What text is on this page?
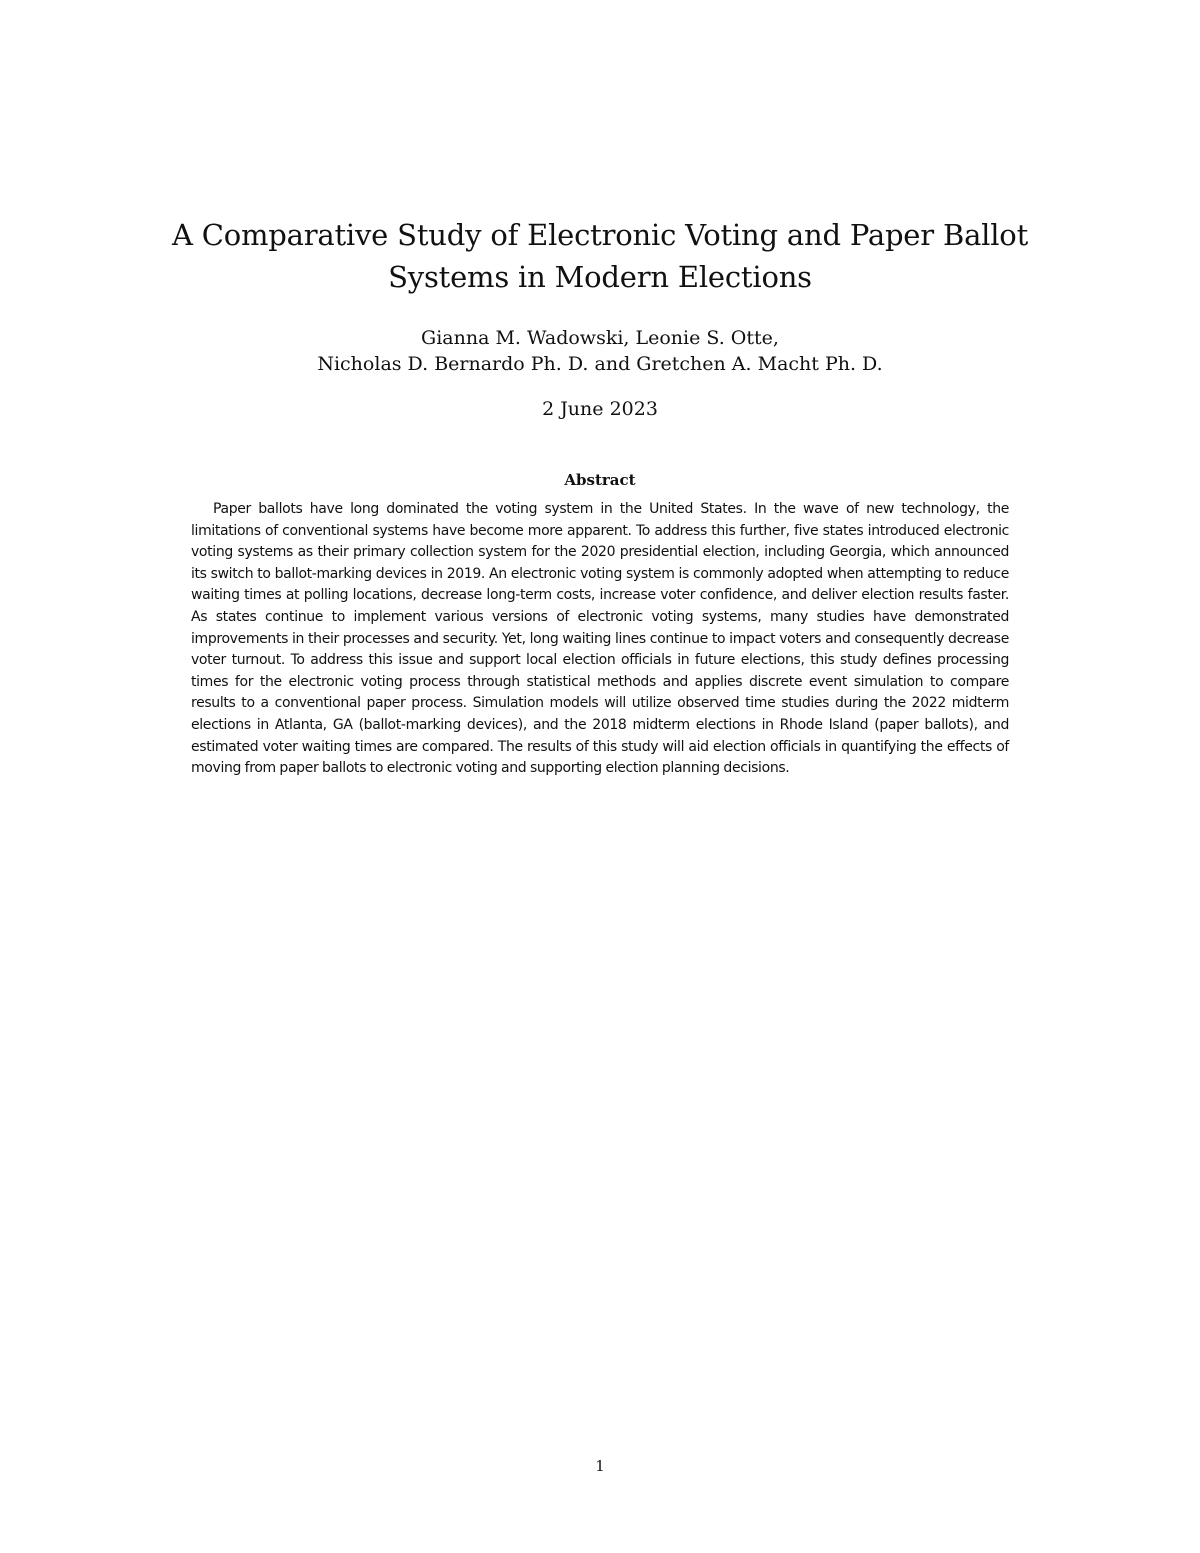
A Comparative Study of Electronic Voting and Paper Ballot
Systems in Modern Elections
Gianna M. Wadowski, Leonie S. Otte,
Nicholas D. Bernardo Ph. D. and Gretchen A. Macht Ph. D.
2 June 2023
Abstract

Paper ballots have long dominated the voting system in the United States. In the wave of new technology, the limitations of conventional systems have become more apparent. To address this further, five states introduced electronic voting systems as their primary collection system for the 2020 presidential election, including Georgia, which announced its switch to ballot-marking devices in 2019. An electronic voting system is commonly adopted when attempting to reduce waiting times at polling locations, decrease long-term costs, increase voter confidence, and deliver election results faster. As states continue to implement various versions of electronic voting systems, many studies have demonstrated improvements in their processes and security. Yet, long waiting lines continue to impact voters and consequently decrease voter turnout. To address this issue and support local election officials in future elections, this study defines processing times for the electronic voting process through statistical methods and applies discrete event simulation to compare results to a conventional paper process. Simulation models will utilize observed time studies during the 2022 midterm elections in Atlanta, GA (ballot-marking devices), and the 2018 midterm elections in Rhode Island (paper ballots), and estimated voter waiting times are compared. The results of this study will aid election officials in quantifying the effects of moving from paper ballots to electronic voting and supporting election planning decisions.

1
